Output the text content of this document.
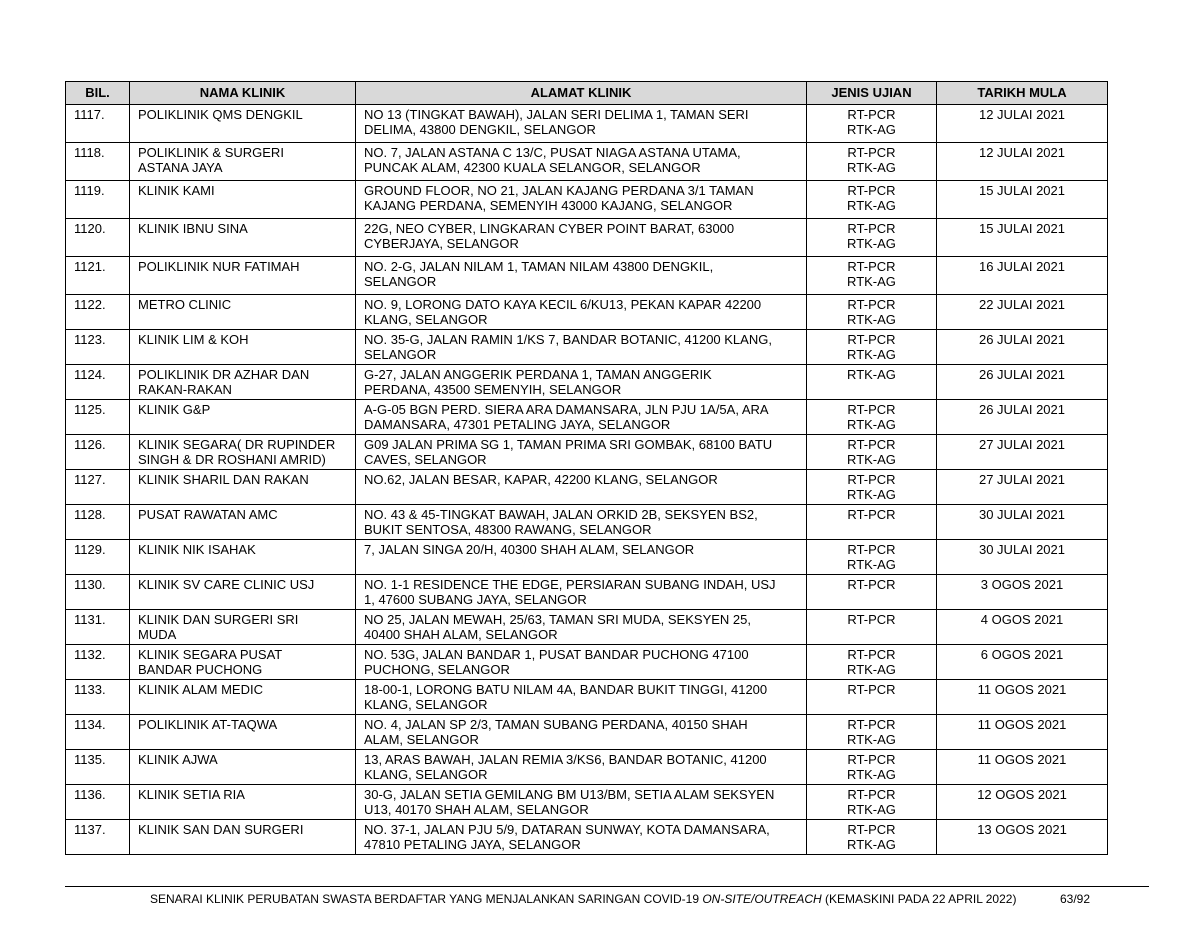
BIL.	NAMA KLINIK	ALAMAT KLINIK	JENIS UJIAN	TARIKH MULA
1117.	POLIKLINIK QMS DENGKIL	NO 13 (TINGKAT BAWAH), JALAN SERI DELIMA 1, TAMAN SERI
DELIMA, 43800 DENGKIL, SELANGOR	RT-PCR
RTK-AG	12 JULAI 2021
1118.	POLIKLINIK & SURGERI
ASTANA JAYA	NO. 7, JALAN ASTANA C 13/C, PUSAT NIAGA ASTANA UTAMA,
PUNCAK ALAM, 42300 KUALA SELANGOR, SELANGOR	RT-PCR
RTK-AG	12 JULAI 2021
1119.	KLINIK KAMI	GROUND FLOOR, NO 21, JALAN KAJANG PERDANA 3/1 TAMAN
KAJANG PERDANA, SEMENYIH 43000 KAJANG, SELANGOR	RT-PCR
RTK-AG	15 JULAI 2021
1120.	KLINIK IBNU SINA	22G, NEO CYBER, LINGKARAN CYBER POINT BARAT, 63000
CYBERJAYA, SELANGOR	RT-PCR
RTK-AG	15 JULAI 2021
1121.	POLIKLINIK NUR FATIMAH	NO. 2-G, JALAN NILAM 1, TAMAN NILAM 43800 DENGKIL,
SELANGOR	RT-PCR
RTK-AG	16 JULAI 2021
1122.	METRO CLINIC	NO. 9, LORONG DATO KAYA KECIL 6/KU13, PEKAN KAPAR 42200
KLANG, SELANGOR	RT-PCR
RTK-AG	22 JULAI 2021
1123.	KLINIK LIM & KOH	NO. 35-G, JALAN RAMIN 1/KS 7, BANDAR BOTANIC, 41200 KLANG,
SELANGOR	RT-PCR
RTK-AG	26 JULAI 2021
1124.	POLIKLINIK DR AZHAR DAN
RAKAN-RAKAN	G-27, JALAN ANGGERIK PERDANA 1, TAMAN ANGGERIK
PERDANA, 43500 SEMENYIH, SELANGOR	RTK-AG	26 JULAI 2021
1125.	KLINIK G&P	A-G-05 BGN PERD. SIERA ARA DAMANSARA, JLN PJU 1A/5A, ARA
DAMANSARA, 47301 PETALING JAYA, SELANGOR	RT-PCR
RTK-AG	26 JULAI 2021
1126.	KLINIK SEGARA( DR RUPINDER
SINGH & DR ROSHANI AMRID)	G09 JALAN PRIMA SG 1, TAMAN PRIMA SRI GOMBAK, 68100 BATU
CAVES, SELANGOR	RT-PCR
RTK-AG	27 JULAI 2021
1127.	KLINIK SHARIL DAN RAKAN	NO.62, JALAN BESAR, KAPAR, 42200 KLANG, SELANGOR	RT-PCR
RTK-AG	27 JULAI 2021
1128.	PUSAT RAWATAN AMC	NO. 43 & 45-TINGKAT BAWAH, JALAN ORKID 2B, SEKSYEN BS2,
BUKIT SENTOSA, 48300 RAWANG, SELANGOR	RT-PCR	30 JULAI 2021
1129.	KLINIK NIK ISAHAK	7, JALAN SINGA 20/H, 40300 SHAH ALAM, SELANGOR	RT-PCR
RTK-AG	30 JULAI 2021
1130.	KLINIK SV CARE CLINIC USJ	NO. 1-1 RESIDENCE THE EDGE, PERSIARAN SUBANG INDAH, USJ
1, 47600 SUBANG JAYA, SELANGOR	RT-PCR	3 OGOS 2021
1131.	KLINIK DAN SURGERI SRI
MUDA	NO 25, JALAN MEWAH, 25/63, TAMAN SRI MUDA, SEKSYEN 25,
40400 SHAH ALAM, SELANGOR	RT-PCR	4 OGOS 2021
1132.	KLINIK SEGARA PUSAT
BANDAR PUCHONG	NO. 53G, JALAN BANDAR 1, PUSAT BANDAR PUCHONG 47100
PUCHONG, SELANGOR	RT-PCR
RTK-AG	6 OGOS 2021
1133.	KLINIK ALAM MEDIC	18-00-1, LORONG BATU NILAM 4A, BANDAR BUKIT TINGGI, 41200
KLANG, SELANGOR	RT-PCR	11 OGOS 2021
1134.	POLIKLINIK AT-TAQWA	NO. 4, JALAN SP 2/3, TAMAN SUBANG PERDANA, 40150 SHAH
ALAM, SELANGOR	RT-PCR
RTK-AG	11 OGOS 2021
1135.	KLINIK AJWA	13, ARAS BAWAH, JALAN REMIA 3/KS6, BANDAR BOTANIC, 41200
KLANG, SELANGOR	RT-PCR
RTK-AG	11 OGOS 2021
1136.	KLINIK SETIA RIA	30-G, JALAN SETIA GEMILANG BM U13/BM, SETIA ALAM SEKSYEN
U13, 40170 SHAH ALAM, SELANGOR	RT-PCR
RTK-AG	12 OGOS 2021
1137.	KLINIK SAN DAN SURGERI	NO. 37-1, JALAN PJU 5/9, DATARAN SUNWAY, KOTA DAMANSARA,
47810 PETALING JAYA, SELANGOR	RT-PCR
RTK-AG	13 OGOS 2021
SENARAI KLINIK PERUBATAN SWASTA BERDAFTAR YANG MENJALANKAN SARINGAN COVID-19 ON-SITE/OUTREACH (KEMASKINI PADA 22 APRIL 2022)	63/92
